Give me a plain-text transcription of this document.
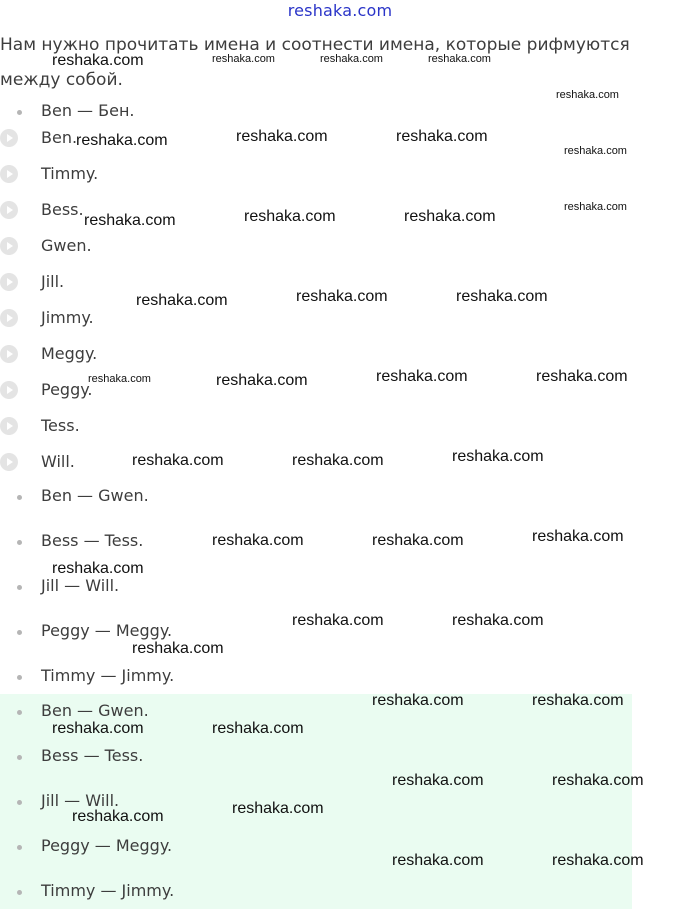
reshaka.com
Нам нужно прочитать имена и соотнести имена, которые рифмуются между собой.
Ben — Бен.
Ben.
Timmy.
Bess.
Gwen.
Jill.
Jimmy.
Meggy.
Peggy.
Tess.
Will.
Ben — Gwen.
Bess — Tess.
Jill — Will.
Peggy — Meggy.
Timmy — Jimmy.
Ben — Gwen.
Bess — Tess.
Jill — Will.
Peggy — Meggy.
Timmy — Jimmy.
reshaka.com	reshaka.com	reshaka.com	reshaka.com
reshaka.com
reshaka.com	reshaka.com	reshaka.com
reshaka.com
reshaka.com	reshaka.com	reshaka.com
reshaka.com
reshaka.com	reshaka.com	reshaka.com
reshaka.com	reshaka.com	reshaka.com	reshaka.com
reshaka.com	reshaka.com	reshaka.com
reshaka.com	reshaka.com	reshaka.com
reshaka.com
reshaka.com	reshaka.com
reshaka.com
reshaka.com	reshaka.com
reshaka.com	reshaka.com
reshaka.com	reshaka.com
reshaka.com
reshaka.com
reshaka.com	reshaka.com
